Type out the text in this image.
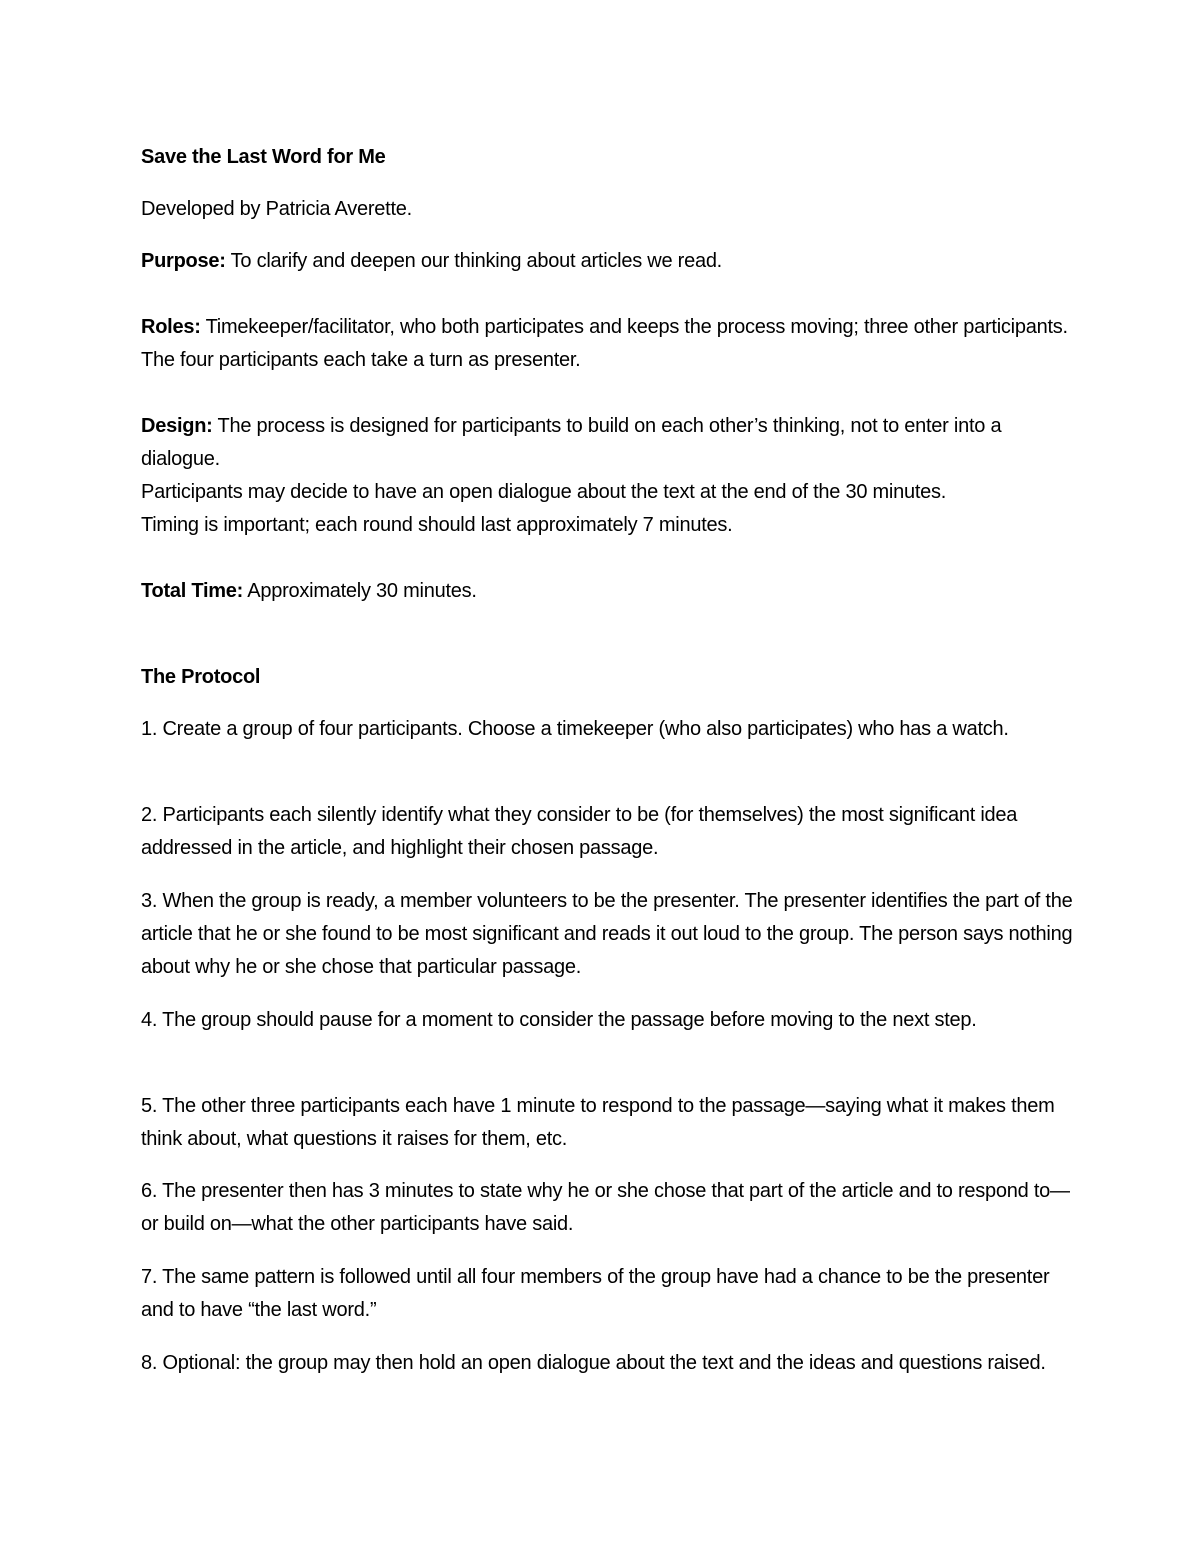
Save the Last Word for Me

Developed by Patricia Averette.

Purpose: To clarify and deepen our thinking about articles we read.

Roles: Timekeeper/facilitator, who both participates and keeps the process moving; three other participants. The four participants each take a turn as presenter.

Design: The process is designed for participants to build on each other’s thinking, not to enter into a dialogue.
Participants may decide to have an open dialogue about the text at the end of the 30 minutes.
Timing is important; each round should last approximately 7 minutes.

Total Time: Approximately 30 minutes.

The Protocol

1. Create a group of four participants. Choose a timekeeper (who also participates) who has a watch.

2. Participants each silently identify what they consider to be (for themselves) the most significant idea addressed in the article, and highlight their chosen passage.

3. When the group is ready, a member volunteers to be the presenter. The presenter identifies the part of the article that he or she found to be most significant and reads it out loud to the group. The person says nothing about why he or she chose that particular passage.

4. The group should pause for a moment to consider the passage before moving to the next step.

5. The other three participants each have 1 minute to respond to the passage—saying what it makes them think about, what questions it raises for them, etc.

6. The presenter then has 3 minutes to state why he or she chose that part of the article and to respond to—or build on—what the other participants have said.

7. The same pattern is followed until all four members of the group have had a chance to be the presenter and to have “the last word.”

8. Optional: the group may then hold an open dialogue about the text and the ideas and questions raised.
